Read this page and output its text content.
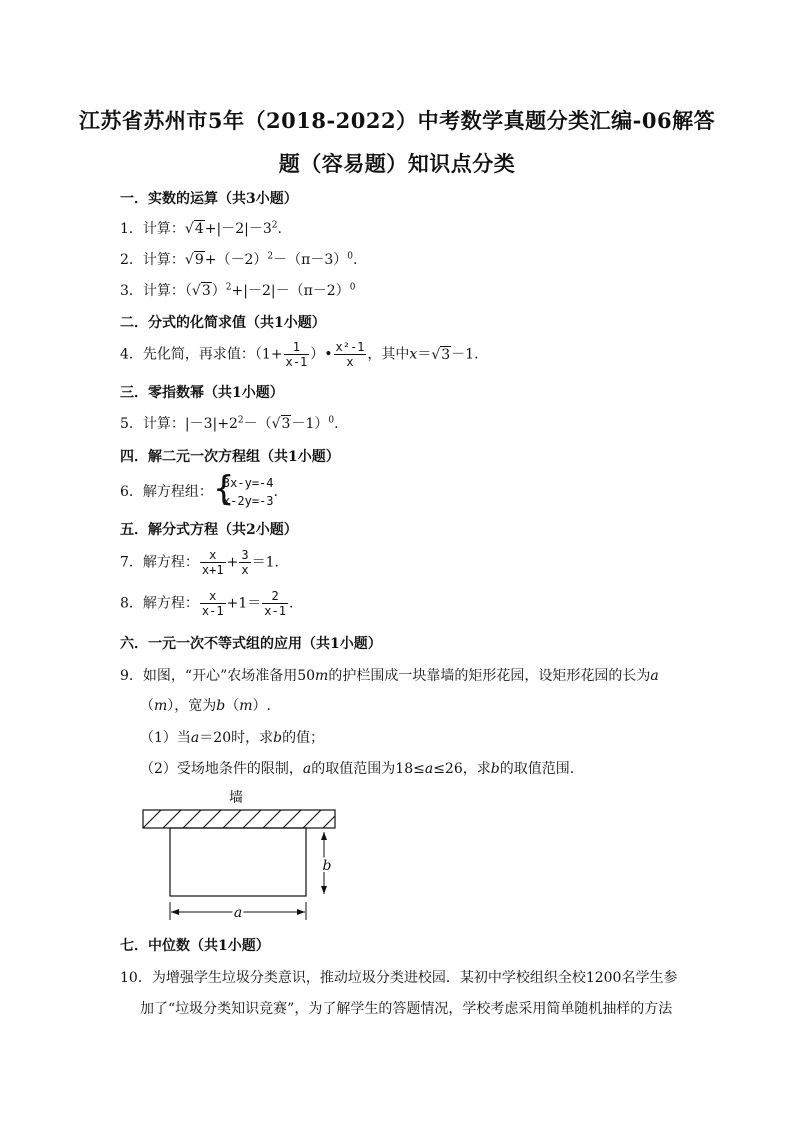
江苏省苏州市5年（2018-2022）中考数学真题分类汇编-06解答
题（容易题）知识点分类
一．实数的运算（共3小题）
1．计算：$√4+|-2|-3^2$.
2．计算：$√9+(-2)^2-(\pi-3)^0$.
3．计算：$(√3)^2+|-2|-(\pi-2)^0$
二．分式的化简求值（共1小题）
4．先化简，再求值：（$1+ \frac{1}{x-1}$ ）• $\frac{\text{x²-1}}{x}$ ，其中x＝√3－1.
三．零指数幂（共1小题）
5．计算：$|-3|+2^2-(√3-1)^0$.
四．解二元一次方程组（共1小题）
6．解方程组： {
3x-y=-4
x-2y=-3
.
五．解分式方程（共2小题）
7．解方程： $\frac{x}{x+1} + \frac{3}{x} =1$.
8．解方程： $\frac{x}{x-1} +1= \frac{2}{x-1}$ .
六．一元一次不等式组的应用（共1小题）
9．如图，“开心”农场准备用50m的护栏围成一块靠墙的矩形花园，设矩形花园的长为a
（m），宽为b（m）.
（1）当a＝20时，求b的值；
（2）受场地条件的限制，a的取值范围为18≤a≤26，求b的取值范围.
墙
b
a
七．中位数（共1小题）
10．为增强学生垃圾分类意识，推动垃圾分类进校园．某初中学校组织全校1200名学生参
加了“垃圾分类知识竞赛”，为了解学生的答题情况，学校考虑采用简单随机抽样的方法
